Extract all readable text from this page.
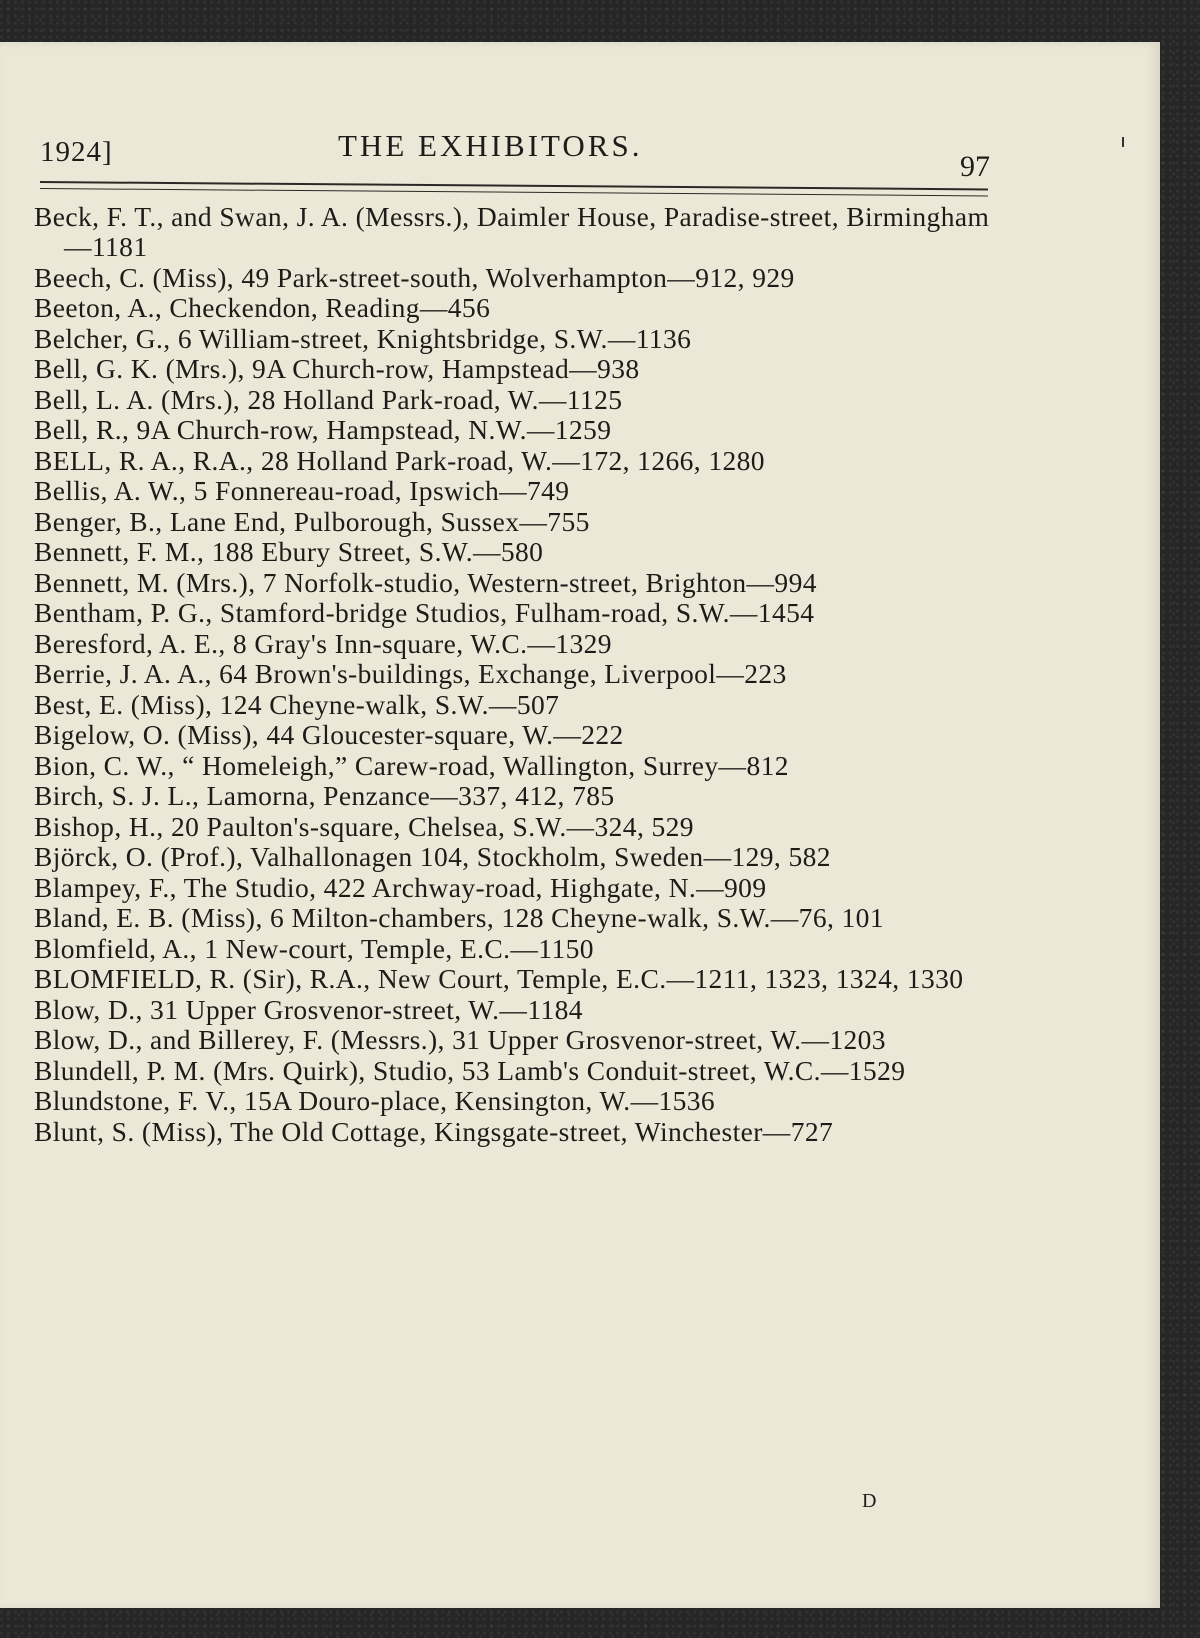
1924]	THE EXHIBITORS.
97

Beck, F. T., and Swan, J. A. (Messrs.), Daimler House, Paradise-street, Birmingham—1181

Beech, C. (Miss), 49 Park-street-south, Wolverhampton—912, 929

Beeton, A., Checkendon, Reading—456

Belcher, G., 6 William-street, Knightsbridge, S.W.—1136

Bell, G. K. (Mrs.), 9A Church-row, Hampstead—938

Bell, L. A. (Mrs.), 28 Holland Park-road, W.—1125

Bell, R., 9A Church-row, Hampstead, N.W.—1259

BELL, R. A., R.A., 28 Holland Park-road, W.—172, 1266, 1280

Bellis, A. W., 5 Fonnereau-road, Ipswich—749

Benger, B., Lane End, Pulborough, Sussex—755

Bennett, F. M., 188 Ebury Street, S.W.—580

Bennett, M. (Mrs.), 7 Norfolk-studio, Western-street, Brighton—994

Bentham, P. G., Stamford-bridge Studios, Fulham-road, S.W.—1454

Beresford, A. E., 8 Gray's Inn-square, W.C.—1329

Berrie, J. A. A., 64 Brown's-buildings, Exchange, Liverpool—223

Best, E. (Miss), 124 Cheyne-walk, S.W.—507

Bigelow, O. (Miss), 44 Gloucester-square, W.—222

Bion, C. W., “ Homeleigh,” Carew-road, Wallington, Surrey—812

Birch, S. J. L., Lamorna, Penzance—337, 412, 785

Bishop, H., 20 Paulton's-square, Chelsea, S.W.—324, 529

Björck, O. (Prof.), Valhallonagen 104, Stockholm, Sweden—129, 582

Blampey, F., The Studio, 422 Archway-road, Highgate, N.—909

Bland, E. B. (Miss), 6 Milton-chambers, 128 Cheyne-walk, S.W.—76, 101

Blomfield, A., 1 New-court, Temple, E.C.—1150

BLOMFIELD, R. (Sir), R.A., New Court, Temple, E.C.—1211, 1323, 1324, 1330

Blow, D., 31 Upper Grosvenor-street, W.—1184

Blow, D., and Billerey, F. (Messrs.), 31 Upper Grosvenor-street, W.—1203

Blundell, P. M. (Mrs. Quirk), Studio, 53 Lamb's Conduit-street, W.C.—1529

Blundstone, F. V., 15A Douro-place, Kensington, W.—1536

Blunt, S. (Miss), The Old Cottage, Kingsgate-street, Winchester—727

D
